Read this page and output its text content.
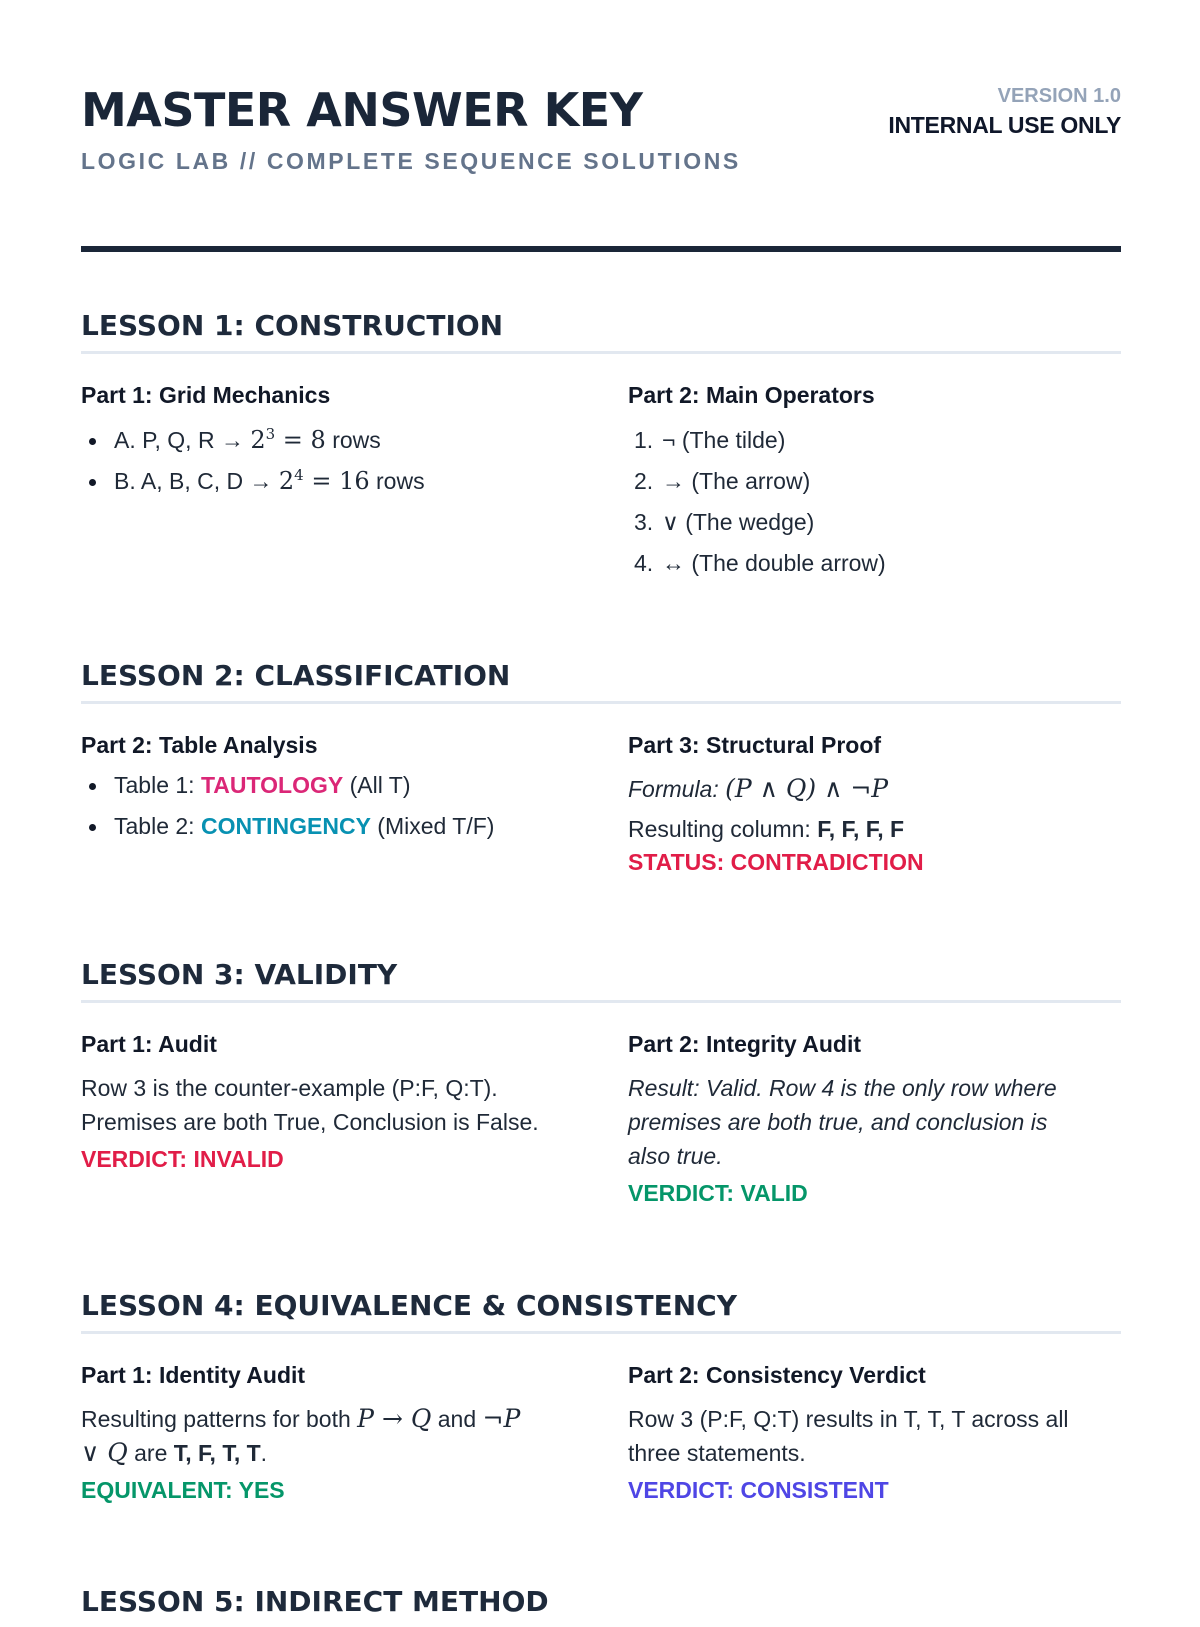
MASTER ANSWER KEY
LOGIC LAB // COMPLETE SEQUENCE SOLUTIONS
VERSION 1.0
INTERNAL USE ONLY
LESSON 1: CONSTRUCTION
Part 1: Grid Mechanics
A. P, Q, $R \to 2^3 = 8$ rows
B. A, B, C, $D \to 2^4 = 16$ rows
Part 2: Main Operators
1. ¬ (The tilde)
2. → (The arrow)
3. ∨ (The wedge)
4. ↔ (The double arrow)
LESSON 2: CLASSIFICATION
Part 2: Table Analysis
Table 1: TAUTOLOGY (All T)
Table 2: CONTINGENCY (Mixed T/F)
Part 3: Structural Proof

Formula: (P ∧ Q) ∧ ¬P

Resulting column: F, F, F, F

STATUS: CONTRADICTION

LESSON 3: VALIDITY
Part 1: Audit

Row 3 is the counter-example (P:F, Q:T).

Premises are both True, Conclusion is False.

VERDICT: INVALID

Part 2: Integrity Audit

Result: Valid. Row 4 is the only row where

premises are both true, and conclusion is

also true.

VERDICT: VALID

LESSON 4: EQUIVALENCE & CONSISTENCY
Part 1: Identity Audit

Resulting patterns for both P → Q and ¬P

∨ Q are T, F, T, T.

EQUIVALENT: YES

Part 2: Consistency Verdict

Row 3 (P:F, Q:T) results in T, T, T across all

three statements.

VERDICT: CONSISTENT

LESSON 5: INDIRECT METHOD
